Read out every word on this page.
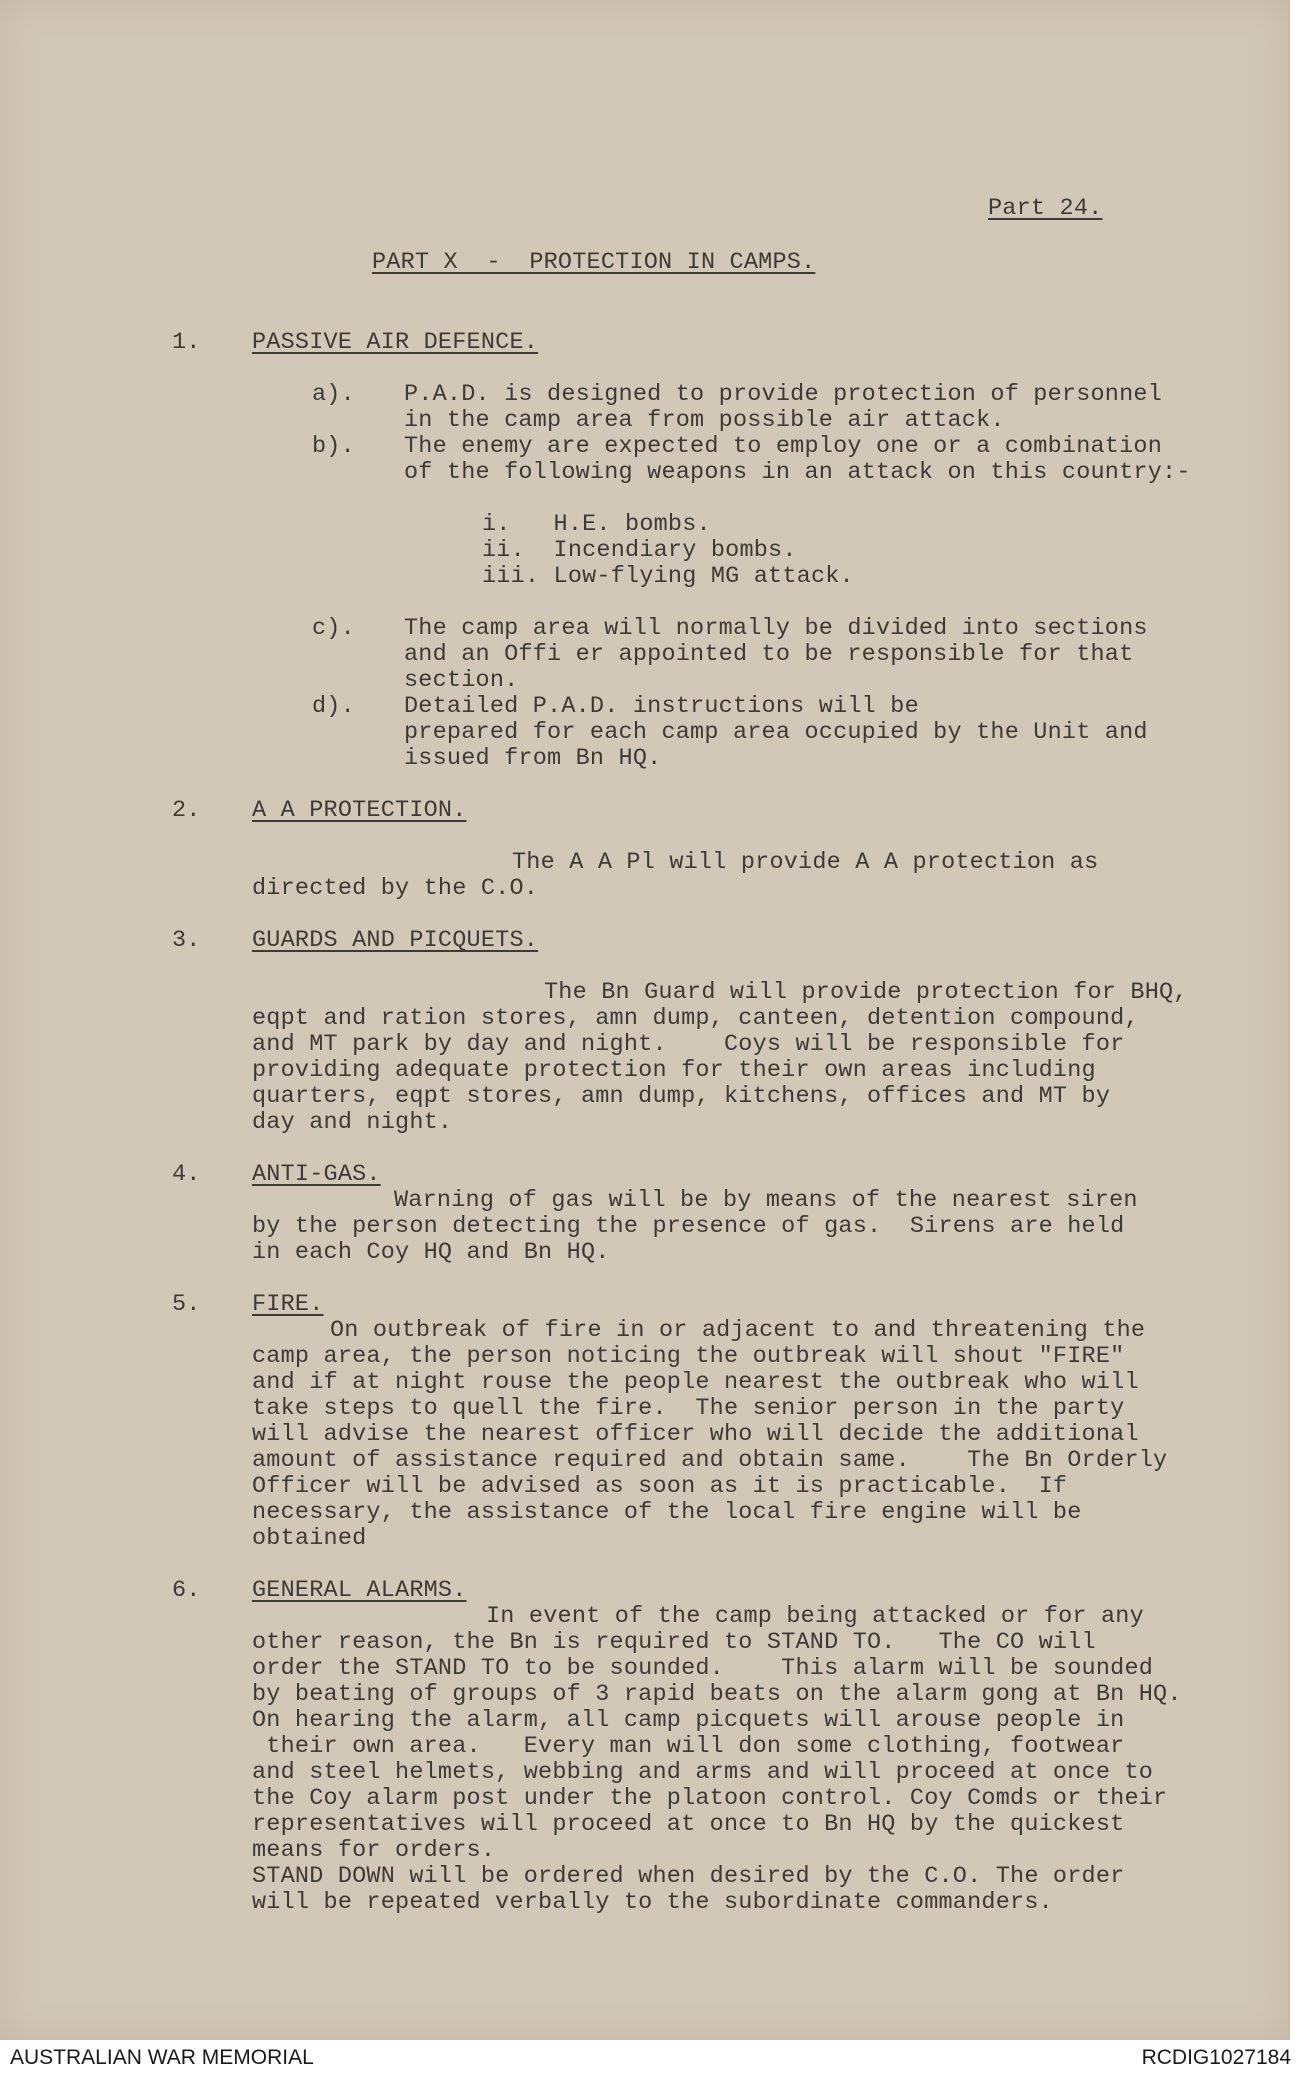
Part 24.
PART X  -  PROTECTION IN CAMPS.
1. PASSIVE AIR DEFENCE.
a). P.A.D. is designed to provide protection of personnel
in the camp area from possible air attack.
b). The enemy are expected to employ one or a combination
of the following weapons in an attack on this country:-
i.   H.E. bombs.
ii.  Incendiary bombs.
iii. Low-flying MG attack.
c). The camp area will normally be divided into sections
and an Offi er appointed to be responsible for that
section.
d). Detailed P.A.D. instructions will be
prepared for each camp area occupied by the Unit and
issued from Bn HQ.
2. A A PROTECTION.
The A A Pl will provide A A protection as
directed by the C.O.
3. GUARDS AND PICQUETS.
The Bn Guard will provide protection for BHQ,
eqpt and ration stores, amn dump, canteen, detention compound,
and MT park by day and night.    Coys will be responsible for
providing adequate protection for their own areas including
quarters, eqpt stores, amn dump, kitchens, offices and MT by
day and night.
4. ANTI-GAS.
Warning of gas will be by means of the nearest siren
by the person detecting the presence of gas.  Sirens are held
in each Coy HQ and Bn HQ.
5. FIRE.
On outbreak of fire in or adjacent to and threatening the
camp area, the person noticing the outbreak will shout "FIRE"
and if at night rouse the people nearest the outbreak who will
take steps to quell the fire.  The senior person in the party
will advise the nearest officer who will decide the additional
amount of assistance required and obtain same.    The Bn Orderly
Officer will be advised as soon as it is practicable.  If
necessary, the assistance of the local fire engine will be
obtained
6. GENERAL ALARMS.
In event of the camp being attacked or for any
other reason, the Bn is required to STAND TO.   The CO will
order the STAND TO to be sounded.    This alarm will be sounded
by beating of groups of 3 rapid beats on the alarm gong at Bn HQ.
On hearing the alarm, all camp picquets will arouse people in
their own area.   Every man will don some clothing, footwear
and steel helmets, webbing and arms and will proceed at once to
the Coy alarm post under the platoon control. Coy Comds or their
representatives will proceed at once to Bn HQ by the quickest
means for orders.
STAND DOWN will be ordered when desired by the C.O. The order
will be repeated verbally to the subordinate commanders.
AUSTRALIAN WAR MEMORIAL	RCDIG1027184
